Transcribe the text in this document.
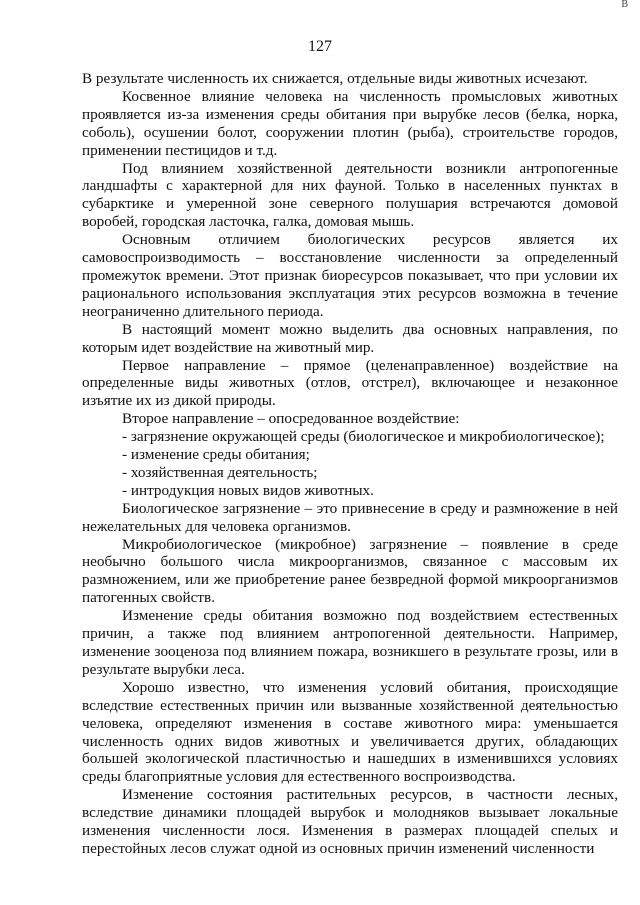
В
127

В результате численность их снижается, отдельные виды животных исчезают.

Косвенное влияние человека на численность промысловых животных проявляется из-за изменения среды обитания при вырубке лесов (белка, норка, соболь), осушении болот, сооружении плотин (рыба), строительстве городов, применении пестицидов и т.д.

Под влиянием хозяйственной деятельности возникли антропогенные ландшафты с характерной для них фауной. Только в населенных пунктах в субарктике и умеренной зоне северного полушария встречаются домовой воробей, городская ласточка, галка, домовая мышь.

Основным отличием биологических ресурсов является их самовоспроизводимость – восстановление численности за определенный промежуток времени. Этот признак биоресурсов показывает, что при условии их рационального использования эксплуатация этих ресурсов возможна в течение неограниченно длительного периода.

В настоящий момент можно выделить два основных направления, по которым идет воздействие на животный мир.

Первое направление – прямое (целенаправленное) воздействие на определенные виды животных (отлов, отстрел), включающее и незаконное изъятие их из дикой природы.

Второе направление – опосредованное воздействие:

- загрязнение окружающей среды (биологическое и микробиологическое);

- изменение среды обитания;

- хозяйственная деятельность;

- интродукция новых видов животных.

Биологическое загрязнение – это привнесение в среду и размножение в ней нежелательных для человека организмов.

Микробиологическое (микробное) загрязнение – появление в среде необычно большого числа микроорганизмов, связанное с массовым их размножением, или же приобретение ранее безвредной формой микроорганизмов патогенных свойств.

Изменение среды обитания возможно под воздействием естественных причин, а также под влиянием антропогенной деятельности. Например, изменение зооценоза под влиянием пожара, возникшего в результате грозы, или в результате вырубки леса.

Хорошо известно, что изменения условий обитания, происходящие вследствие естественных причин или вызванные хозяйственной деятельностью человека, определяют изменения в составе животного мира: уменьшается численность одних видов животных и увеличивается других, обладающих большей экологической пластичностью и нашедших в изменившихся условиях среды благоприятные условия для естественного воспроизводства.

Изменение состояния растительных ресурсов, в частности лесных, вследствие динамики площадей вырубок и молодняков вызывает локальные изменения численности лося. Изменения в размерах площадей спелых и перестойных лесов служат одной из основных причин изменений численности
